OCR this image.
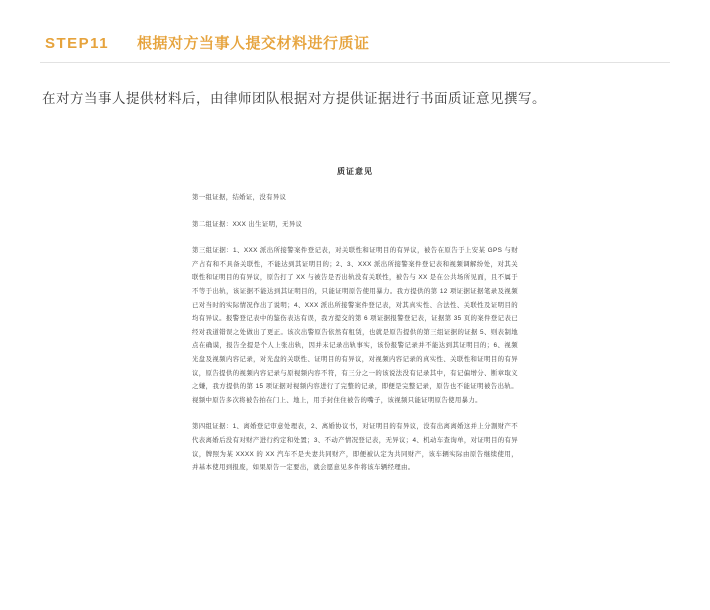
STEP11 根据对方当事人提交材料进行质证
在对方当事人提供材料后，由律师团队根据对方提供证据进行书面质证意见撰写。
质证意见

第一组证据，结婚证，没有异议

第二组证据：XXX 出生证明，无异议

第三组证据：1、XXX 派出所接警案件登记表，对关联性和证明目的有异议，被告在原告于上安某 GPS 与财产占有和不具备关联性，不能达到其证明目的；2、3、XXX 派出所接警案件登记表和视频调解纷处，对其关联性和证明目的有异议，原告打了 XX 与被告是否出轨没有关联性，被告与 XX 是在公共场所见面，且不属于不等于出轨，该证据不能达到其证明目的，只能证明原告使用暴力。我方提供的第 12 项证据证据笔录及视频已对当时的实际情况作出了说明；4、XXX 派出所接警案件登记表，对其真实性、合法性、关联性及证明目的均有异议。报警登记表中的鉴伤表达有误，我方提交的第 6 项证据报警登记表，证据第 35 页的案件登记表已经对我道错误之处做出了更正。该次出警原告依然有租赁，也就是原告提供的第三组证据的证据 5、则表制地点在确谟，报告全提是个人上张出轨，因并未记录出轨事实，该份报警记录并不能达到其证明目的；6、视频光盘及视频内容记录，对光盘的关联性、证明目的有异议，对视频内容记录的真实性、关联性和证明目的有异议，原告提供的视频内容记录与原视频内容不符，有三分之一的该说法没有记录其中，有记偏增分、断章取义之嫌，我方提供的第 15 项证据对视频内容进行了完整的记录，即便是完整记录，原告也不能证明被告出轨。视频中原告多次将被告拍在门上、地上，用手封住住被告的嘴子，该视频只能证明原告使用暴力。

第四组证据：1、离婚登记审意处理表，2、离婚协议书，对证明目的有异议，没有出离离婚这并上分割财产不代表离婚后没有对财产进行约定和处置；3、不动产情况登记表，无异议；4、机动车查询单，对证明目的有异议，牌照为某 XXXX 的 XX 汽车不是夫妻共同财产，即便被认定为共同财产，该车辆实际由原告继续使用，并基本使用到报废，如果原告一定要出，就会愿意见多件将该车辆经理由。
